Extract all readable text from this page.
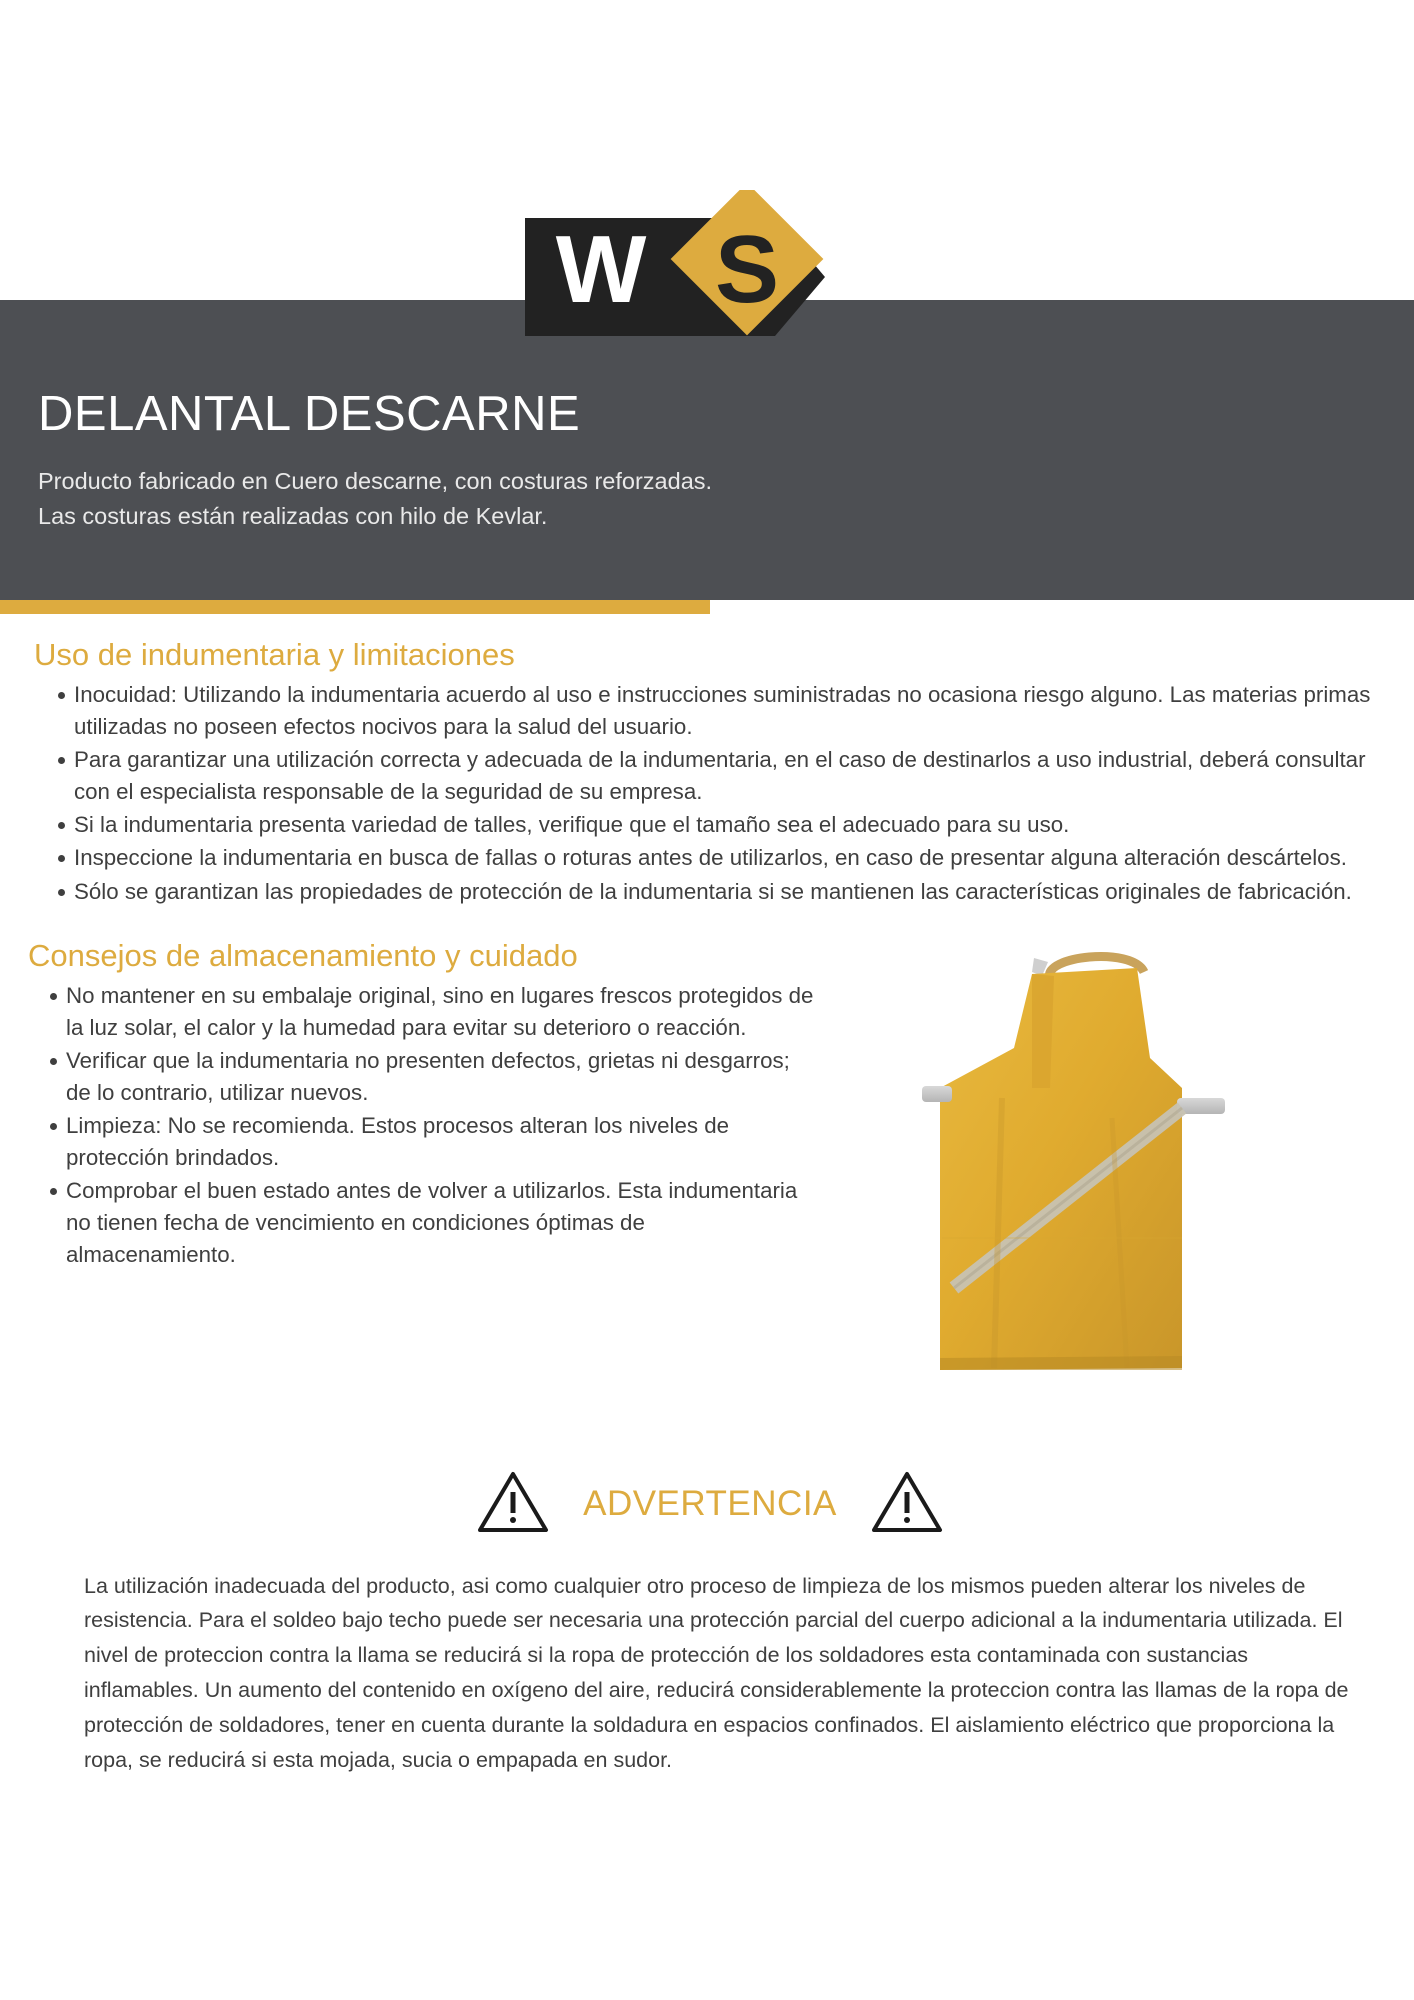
W S
DELANTAL DESCARNE
Producto fabricado en Cuero descarne, con costuras reforzadas.
Las costuras están realizadas con hilo de Kevlar.
Uso de indumentaria y limitaciones
Inocuidad: Utilizando la indumentaria acuerdo al uso e instrucciones suministradas no ocasiona riesgo alguno. Las materias primas utilizadas no poseen efectos nocivos para la salud del usuario.
Para garantizar una utilización correcta y adecuada de la indumentaria, en el caso de destinarlos a uso industrial, deberá consultar con el especialista responsable de la seguridad de su empresa.
Si la indumentaria presenta variedad de talles, verifique que el tamaño sea el adecuado para su uso.
Inspeccione la indumentaria en busca de fallas o roturas antes de utilizarlos, en caso de presentar alguna alteración descártelos.
Sólo se garantizan las propiedades de protección de la indumentaria si se mantienen las características originales de fabricación.
Consejos de almacenamiento y cuidado
No mantener en su embalaje original, sino en lugares frescos protegidos de la luz solar, el calor y la humedad para evitar su deterioro o reacción.
Verificar que la indumentaria no presenten defectos, grietas ni desgarros; de lo contrario, utilizar nuevos.
Limpieza: No se recomienda. Estos procesos alteran los niveles de protección brindados.
Comprobar el buen estado antes de volver a utilizarlos. Esta indumentaria no tienen fecha de vencimiento en condiciones óptimas de almacenamiento.
ADVERTENCIA

La utilización inadecuada del producto, asi como cualquier otro proceso de limpieza de los mismos pueden alterar los niveles de resistencia. Para el soldeo bajo techo puede ser necesaria una protección parcial del cuerpo adicional a la indumentaria utilizada. El nivel de proteccion contra la llama se reducirá si la ropa de protección de los soldadores esta contaminada con sustancias inflamables. Un aumento del contenido en oxígeno del aire, reducirá considerablemente la proteccion contra las llamas de la ropa de protección de soldadores, tener en cuenta durante la soldadura en espacios confinados. El aislamiento eléctrico que proporciona la ropa, se reducirá si esta mojada, sucia o empapada en sudor.
